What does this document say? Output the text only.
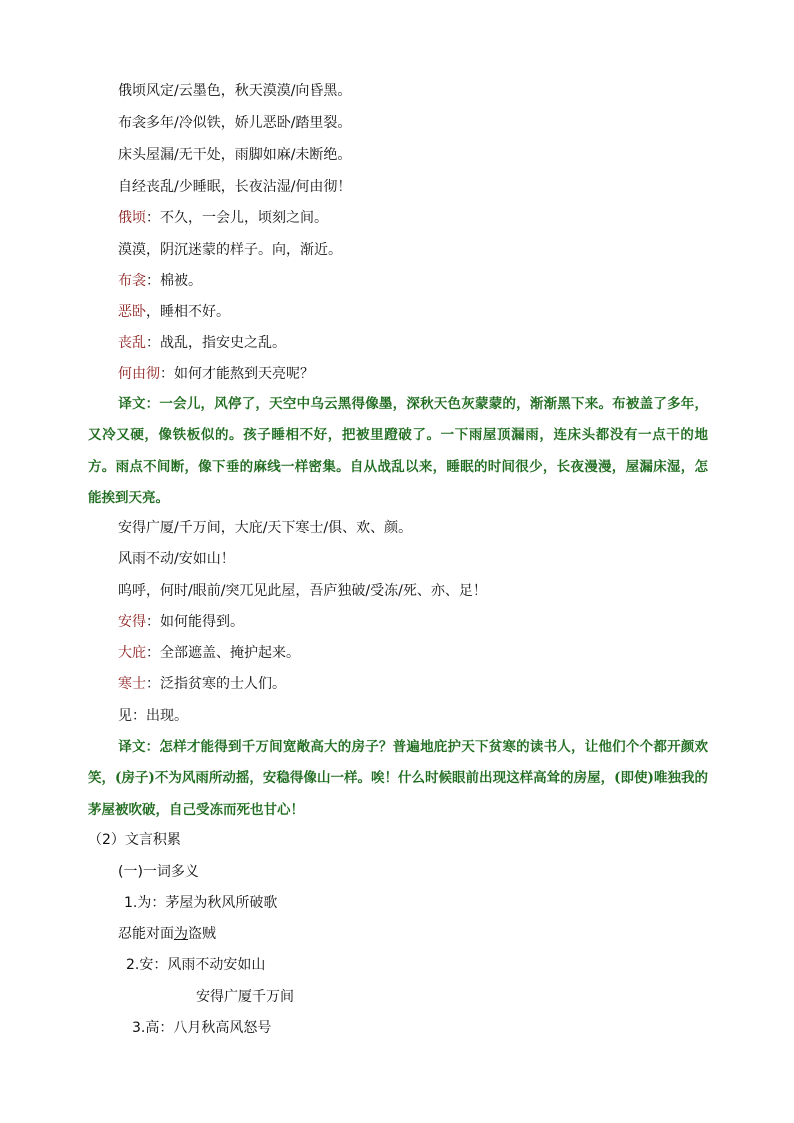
俄顷风定/云墨色，秋天漠漠/向昏黑。
布衾多年/冷似铁，娇儿恶卧/踏里裂。
床头屋漏/无干处，雨脚如麻/未断绝。
自经丧乱/少睡眠，长夜沾湿/何由彻！
俄顷：不久，一会儿，顷刻之间。
漠漠，阴沉迷蒙的样子。向，渐近。
布衾：棉被。
恶卧，睡相不好。
丧乱：战乱，指安史之乱。
何由彻：如何才能熬到天亮呢？
译文：一会儿，风停了，天空中乌云黑得像墨，深秋天色灰蒙蒙的，渐渐黑下来。布被盖了多年，又冷又硬，像铁板似的。孩子睡相不好，把被里蹬破了。一下雨屋顶漏雨，连床头都没有一点干的地方。雨点不间断，像下垂的麻线一样密集。自从战乱以来，睡眠的时间很少，长夜漫漫，屋漏床湿，怎能挨到天亮。
安得广厦/千万间，大庇/天下寒士/俱、欢、颜。
风雨不动/安如山！
呜呼，何时/眼前/突兀见此屋，吾庐独破/受冻/死、亦、足！
安得：如何能得到。
大庇：全部遮盖、掩护起来。
寒士：泛指贫寒的士人们。
见：出现。
译文：怎样才能得到千万间宽敞高大的房子？普遍地庇护天下贫寒的读书人，让他们个个都开颜欢笑，(房子)不为风雨所动摇，安稳得像山一样。唉！什么时候眼前出现这样高耸的房屋，(即使)唯独我的茅屋被吹破，自己受冻而死也甘心！
（2）文言积累
(一)一词多义
1.为：茅屋为秋风所破歌
忍能对面为盗贼
2.安：风雨不动安如山
安得广厦千万间
3.高：八月秋高风怒号
